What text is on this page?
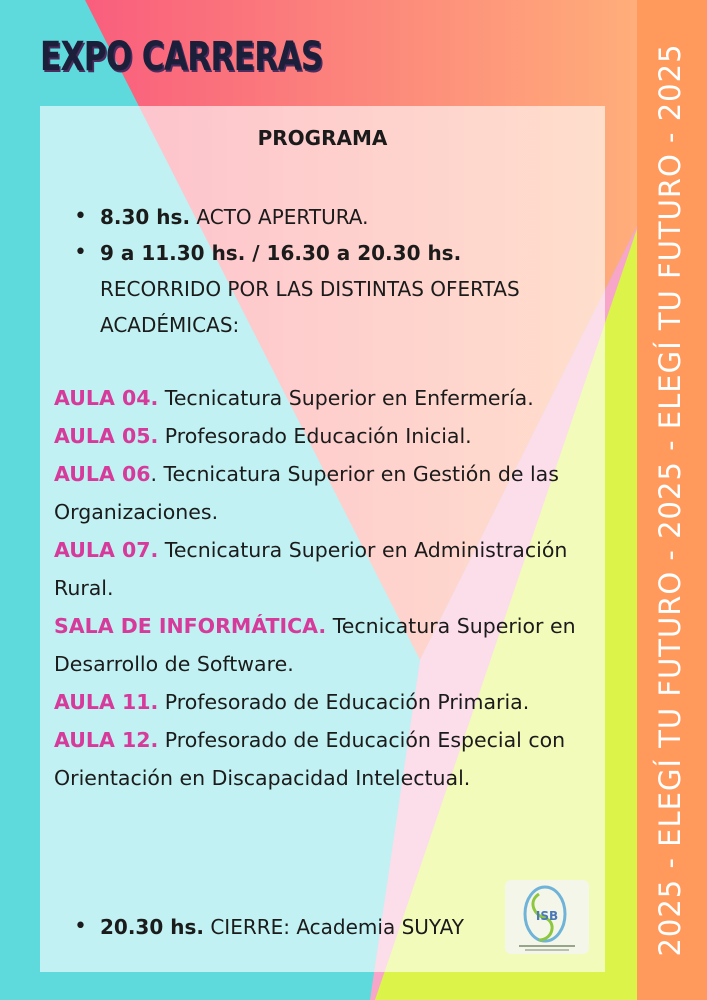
EXPO CARRERAS
PROGRAMA
• 8.30 hs. ACTO APERTURA.
• 9 a 11.30 hs. / 16.30 a 20.30 hs.
RECORRIDO POR LAS DISTINTAS OFERTAS ACADÉMICAS:

AULA 04. Tecnicatura Superior en Enfermería.

AULA 05. Profesorado Educación Inicial.

AULA 06. Tecnicatura Superior en Gestión de las Organizaciones.

AULA 07. Tecnicatura Superior en Administración Rural.

SALA DE INFORMÁTICA. Tecnicatura Superior en Desarrollo de Software.

AULA 11. Profesorado de Educación Primaria.

AULA 12. Profesorado de Educación Especial con Orientación en Discapacidad Intelectual.

• 20.30 hs. CIERRE: Academia SUYAY	ISB	2025 - ELEGÍ TU FUTURO - 2025 - ELEGÍ TU FUTURO - 2025
